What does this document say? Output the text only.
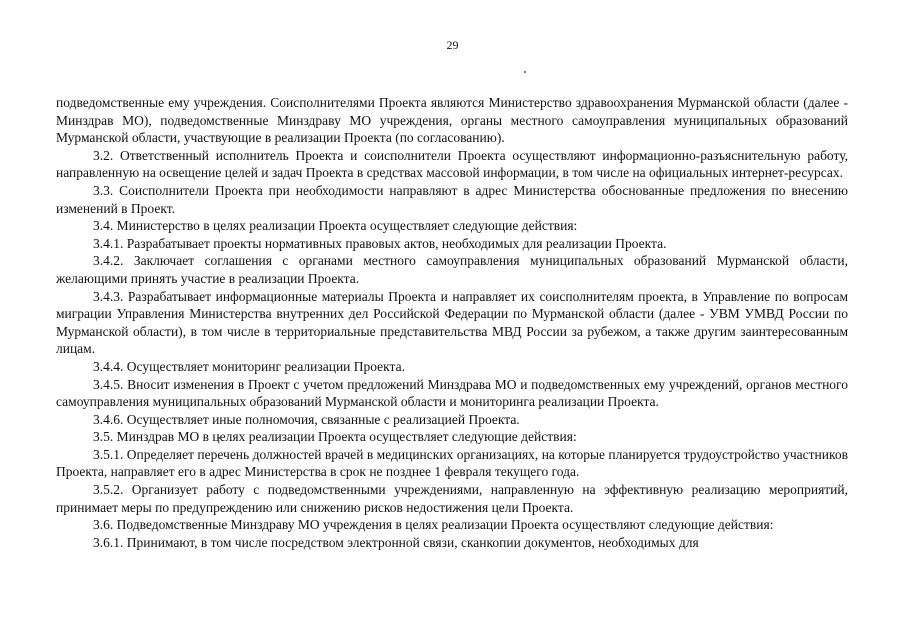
29

подведомственные ему учреждения. Соисполнителями Проекта являются Министерство здравоохранения Мурманской области (далее - Минздрав МО), подведомственные Минздраву МО учреждения, органы местного самоуправления муниципальных образований Мурманской области, участвующие в реализации Проекта (по согласованию).

3.2. Ответственный исполнитель Проекта и соисполнители Проекта осуществляют информационно-разъяснительную работу, направленную на освещение целей и задач Проекта в средствах массовой информации, в том числе на официальных интернет-ресурсах.

3.3. Соисполнители Проекта при необходимости направляют в адрес Министерства обоснованные предложения по внесению изменений в Проект.

3.4. Министерство в целях реализации Проекта осуществляет следующие действия:

3.4.1. Разрабатывает проекты нормативных правовых актов, необходимых для реализации Проекта.

3.4.2. Заключает соглашения с органами местного самоуправления муниципальных образований Мурманской области, желающими принять участие в реализации Проекта.

3.4.3. Разрабатывает информационные материалы Проекта и направляет их соисполнителям проекта, в Управление по вопросам миграции Управления Министерства внутренних дел Российской Федерации по Мурманской области (далее - УВМ УМВД России по Мурманской области), в том числе в территориальные представительства МВД России за рубежом, а также другим заинтересованным лицам.

3.4.4. Осуществляет мониторинг реализации Проекта.

3.4.5. Вносит изменения в Проект с учетом предложений Минздрава МО и подведомственных ему учреждений, органов местного самоуправления муниципальных образований Мурманской области и мониторинга реализации Проекта.

3.4.6. Осуществляет иные полномочия, связанные с реализацией Проекта.

3.5. Минздрав МО в целях реализации Проекта осуществляет следующие действия:

3.5.1. Определяет перечень должностей врачей в медицинских организациях, на которые планируется трудоустройство участников Проекта, направляет его в адрес Министерства в срок не позднее 1 февраля текущего года.

3.5.2. Организует работу с подведомственными учреждениями, направленную на эффективную реализацию мероприятий, принимает меры по предупреждению или снижению рисков недостижения цели Проекта.

3.6. Подведомственные Минздраву МО учреждения в целях реализации Проекта осуществляют следующие действия:

3.6.1. Принимают, в том числе посредством электронной связи, сканкопии документов, необходимых для
